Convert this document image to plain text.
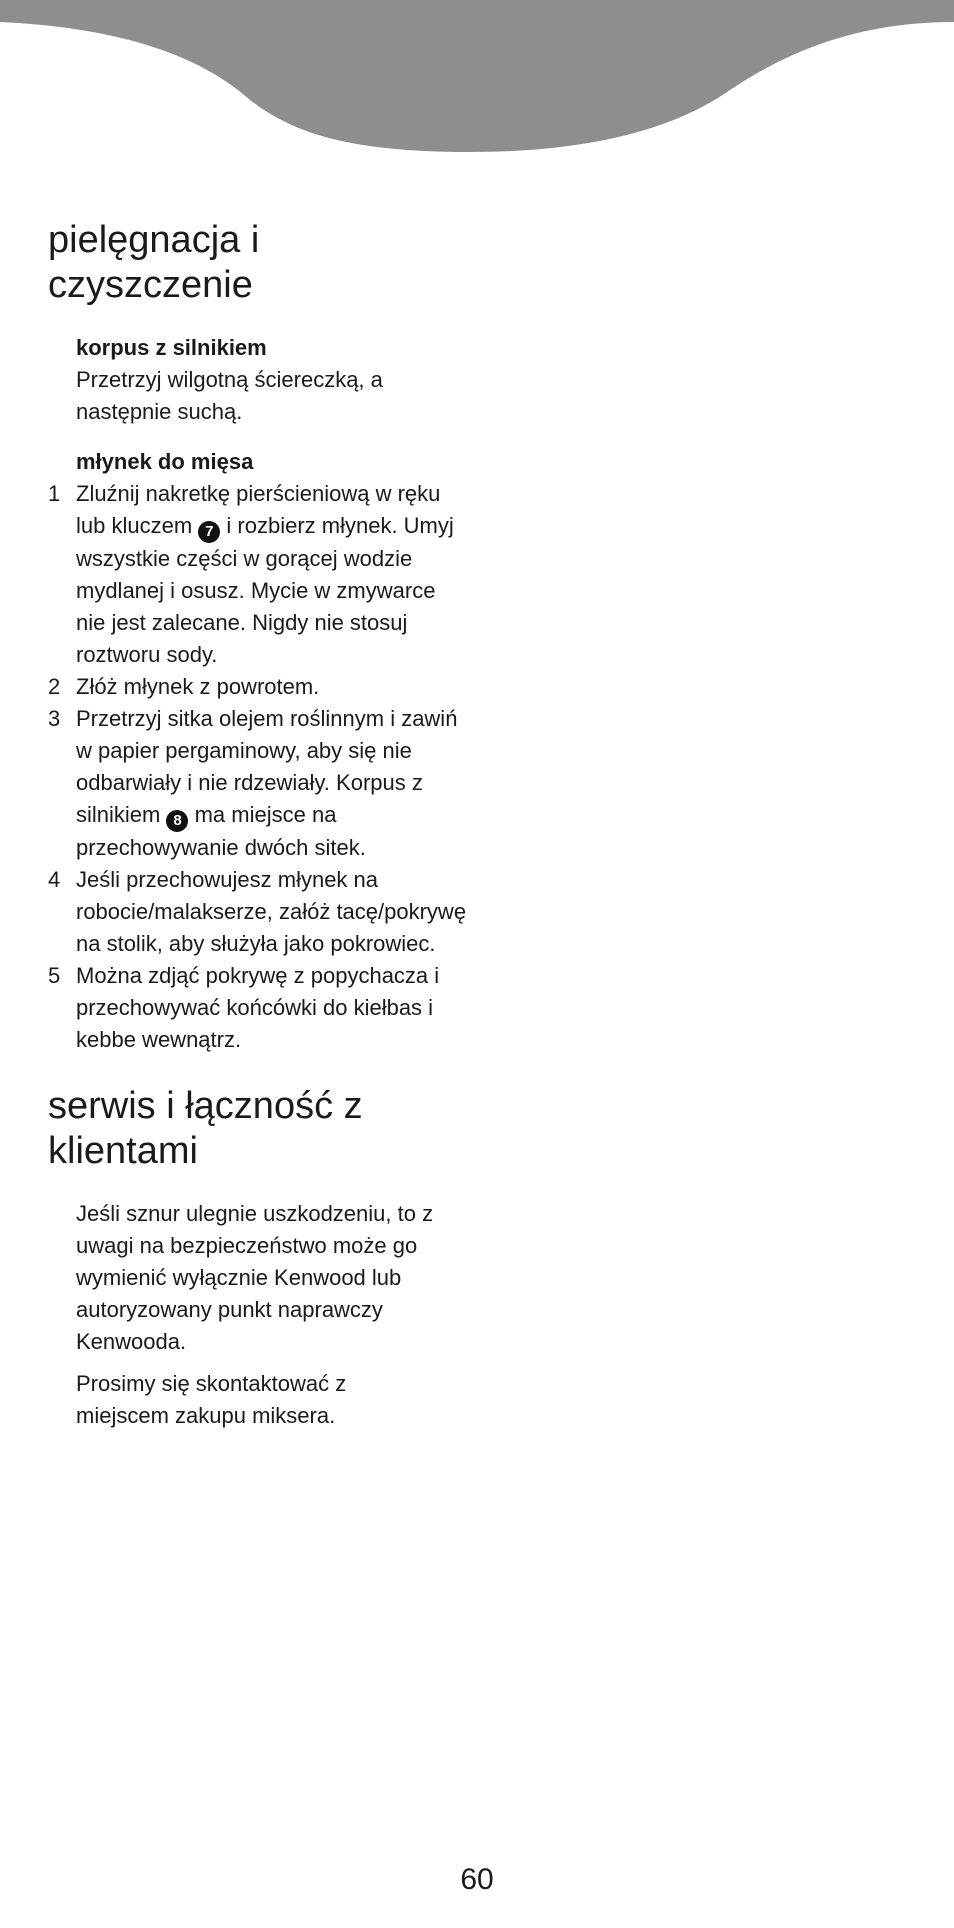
pielęgnacja i
czyszczenie
korpus z silnikiem

Przetrzyj wilgotną ściereczką, a następnie suchą.

młynek do mięsa
1 Zluźnij nakretkę pierścieniową w ręku lub kluczem 7 i rozbierz młynek. Umyj wszystkie części w gorącej wodzie mydlanej i osusz. Mycie w zmywarce nie jest zalecane. Nigdy nie stosuj roztworu sody.
2 Złóż młynek z powrotem.
3 Przetrzyj sitka olejem roślinnym i zawiń w papier pergaminowy, aby się nie odbarwiały i nie rdzewiały. Korpus z silnikiem 8 ma miejsce na przechowywanie dwóch sitek.
4 Jeśli przechowujesz młynek na robocie/malakserze, załóż tacę/pokrywę na stolik, aby służyła jako pokrowiec.
5 Można zdjąć pokrywę z popychacza i przechowywać końcówki do kiełbas i kebbe wewnątrz.
serwis i łączność z
klientami

Jeśli sznur ulegnie uszkodzeniu, to z uwagi na bezpieczeństwo może go wymienić wyłącznie Kenwood lub autoryzowany punkt naprawczy Kenwooda.

Prosimy się skontaktować z miejscem zakupu miksera.

60
